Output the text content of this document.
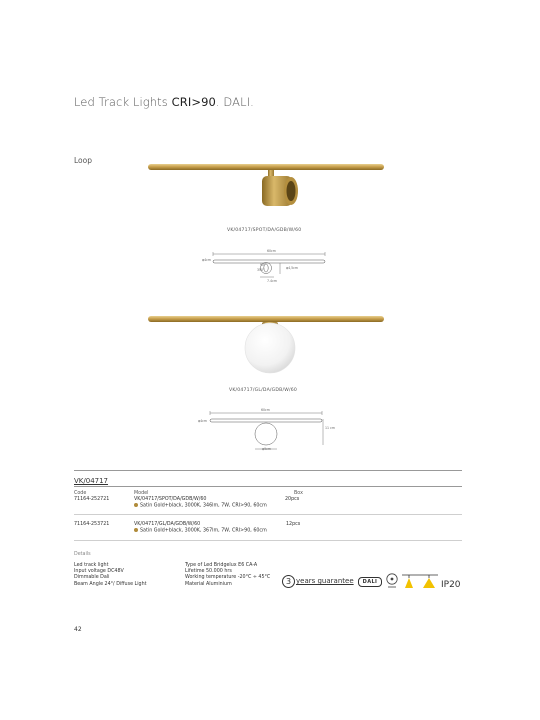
Led Track Lights CRI>90. DALI.
Loop
VK/04717/SPOT/DA/GDB/W/60
60cm
φ4cm
90°
350°	φ4,5cm
7.4cm
VK/04717/GL/DA/GDB/W/60
60cm
φ4cm
11 cm
φ9cm
VK/04717
Code	Model	Box
71164-252721	VK/04717/SPOT/DA/GDB/W/60
Satin Gold+black, 3000K, 346lm, 7W, CRI>90, 60cm
20pcs
71164-253721	VK/04717/GL/DA/GDB/W/60
Satin Gold+black, 3000K, 367lm, 7W, CRI>90, 60cm
12pcs
Details
Led track light
Input voltage DC48V
Dimmable Dali
Beam Angle 24°/ Diffuse Light
Type of Led Bridgelux E6 CA-A
Lifetime 50.000 hrs
Working temperature -20°C ÷ 45°C
Material Aluminium	3 years guarantee	DALI	IP20
42
